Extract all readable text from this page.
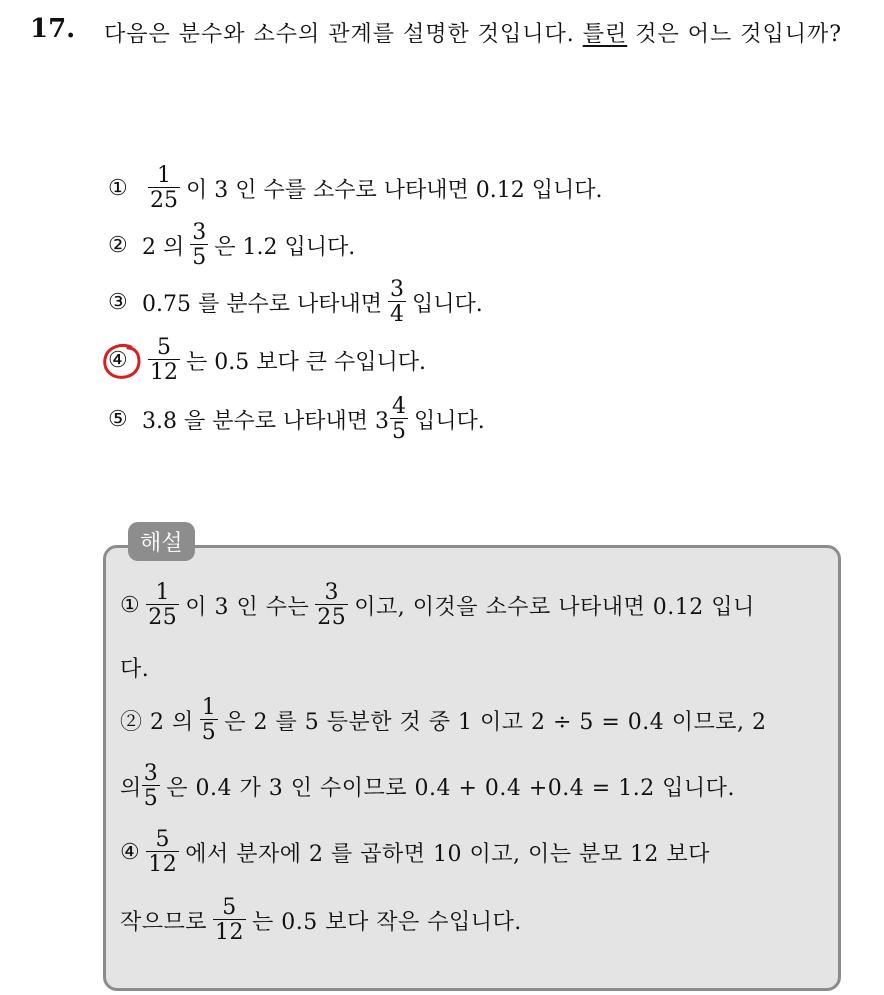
17. 다음은 분수와 소수의 관계를 설명한 것입니다. 틀린 것은 어느 것입니까?
① $\frac{1}{25}$ 이 3 인 수를 소수로 나타내면 0.12 입니다.
② 2 의 $\frac{3}{5}$ 은 1.2 입니다.
③ 0.75 를 분수로 나타내면 $\frac{3}{4}$ 입니다.
④ $\frac{5}{12}$ 는 0.5 보다 큰 수입니다.
⑤ 3.8 을 분수로 나타내면 $3 \frac{4}{5}$ 입니다.
해설
① $\frac{1}{25}$ 이 3 인 수는 $\frac{3}{25}$ 이고, 이것을 소수로 나타내면 0.12 입니
다.
② 2 의 $\frac{1}{5}$ 은 2 를 5 등분한 것 중 1 이고 2 ÷ 5 = 0.4 이므로, 2
의 $\frac{3}{5}$ 은 0.4 가 3 인 수이므로 0.4 + 0.4 +0.4 = 1.2 입니다.
④ $\frac{5}{12}$ 에서 분자에 2 를 곱하면 10 이고, 이는 분모 12 보다
작으므로 $\frac{5}{12}$ 는 0.5 보다 작은 수입니다.
